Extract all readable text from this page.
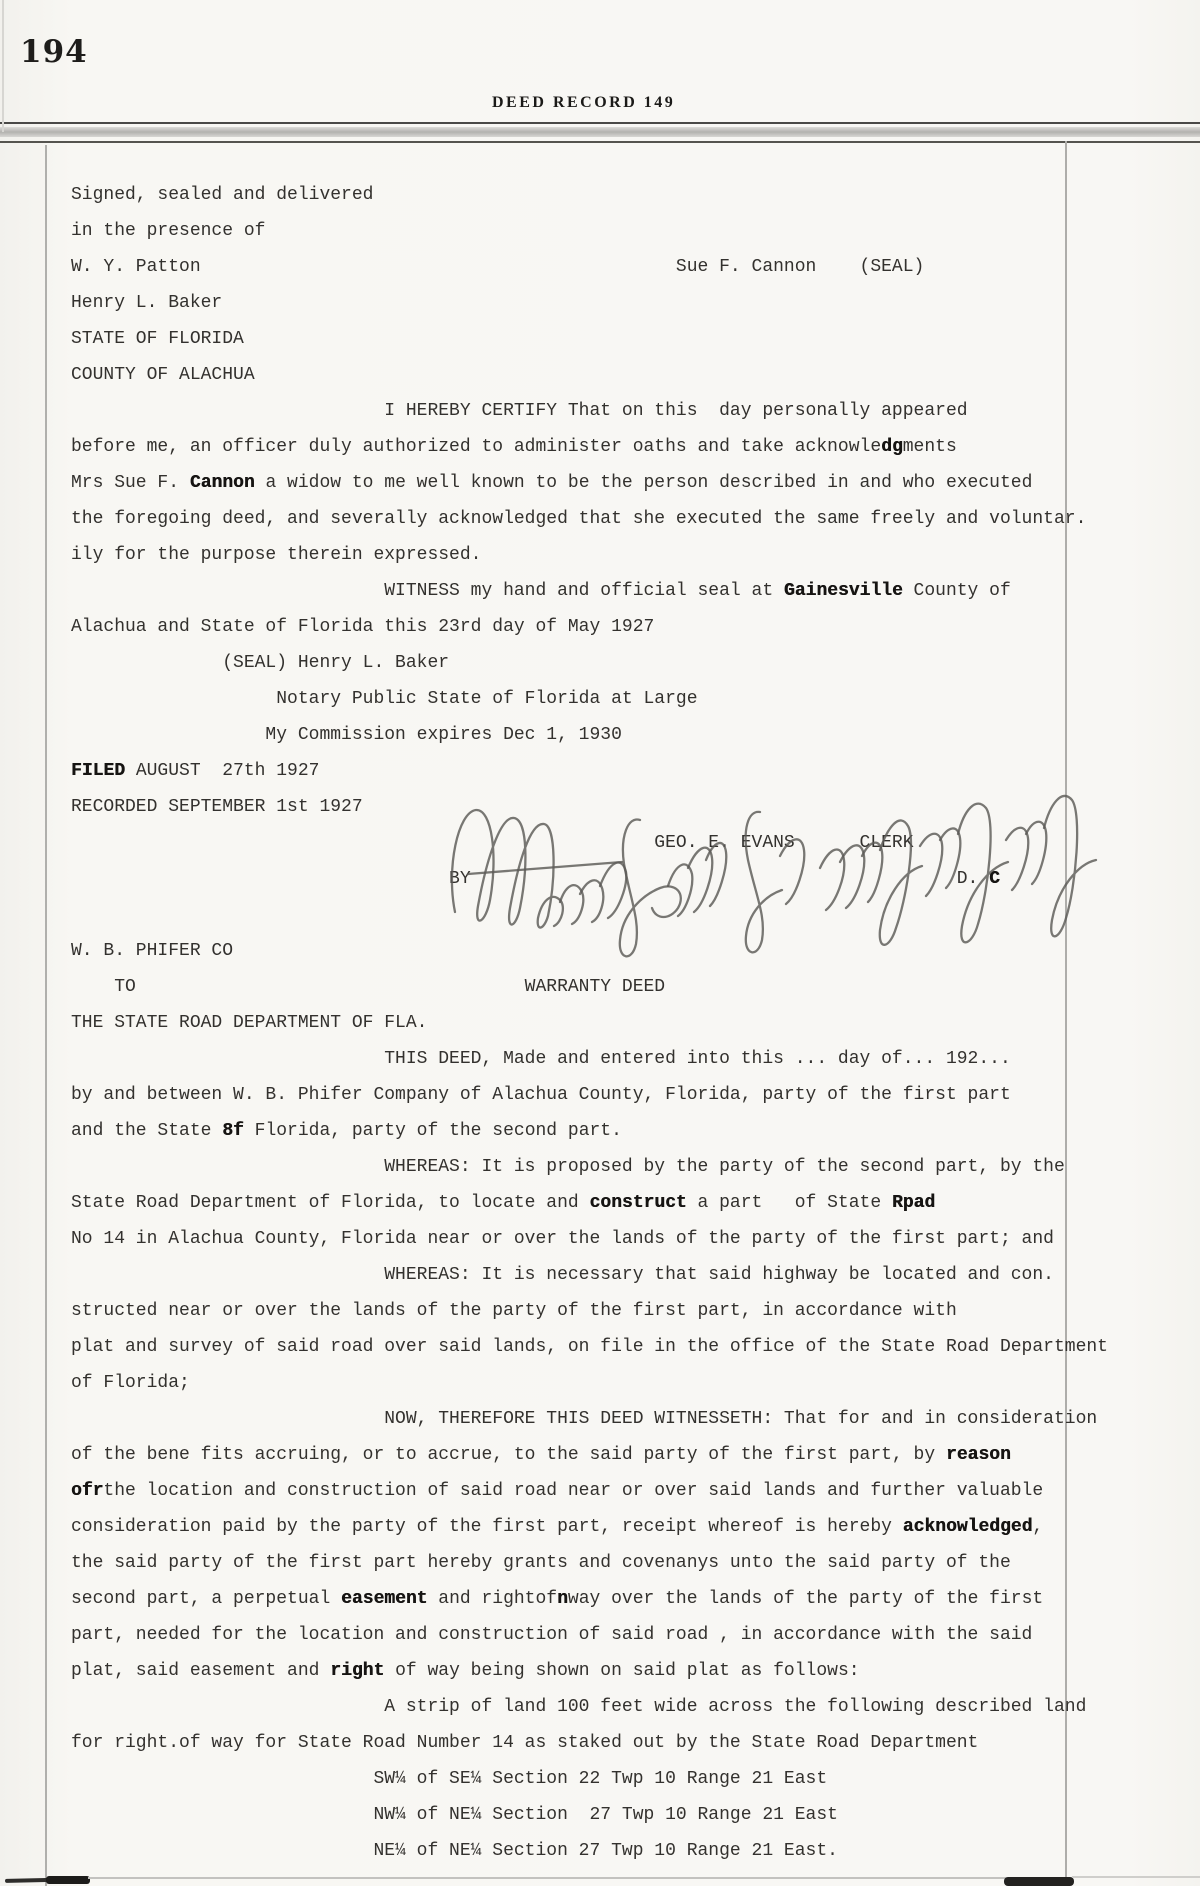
194
DEED RECORD 149
Signed, sealed and delivered
in the presence of
W. Y. Patton                                            Sue F. Cannon    (SEAL)
Henry L. Baker
STATE OF FLORIDA
COUNTY OF ALACHUA
I HEREBY CERTIFY That on this  day personally appeared
before me, an officer duly authorized to administer oaths and take acknowledgments
Mrs Sue F. Cannon a widow to me well known to be the person described in and who executed
the foregoing deed, and severally acknowledged that she executed the same freely and voluntar.
ily for the purpose therein expressed.
WITNESS my hand and official seal at Gainesville County of
Alachua and State of Florida this 23rd day of May 1927
(SEAL) Henry L. Baker
Notary Public State of Florida at Large
My Commission expires Dec 1, 1930
FILED AUGUST  27th 1927
RECORDED SEPTEMBER 1st 1927
GEO. E. EVANS      CLERK
BY                                             D. C
W. B. PHIFER CO
TO                                    WARRANTY DEED
THE STATE ROAD DEPARTMENT OF FLA.
THIS DEED, Made and entered into this ... day of... 192...
by and between W. B. Phifer Company of Alachua County, Florida, party of the first part
and the State 8f Florida, party of the second part.
WHEREAS: It is proposed by the party of the second part, by the
State Road Department of Florida, to locate and construct a part   of State Rpad
No 14 in Alachua County, Florida near or over the lands of the party of the first part; and
WHEREAS: It is necessary that said highway be located and con.
structed near or over the lands of the party of the first part, in accordance with
plat and survey of said road over said lands, on file in the office of the State Road Department
of Florida;
NOW, THEREFORE THIS DEED WITNESSETH: That for and in consideration
of the bene fits accruing, or to accrue, to the said party of the first part, by reason
ofrthe location and construction of said road near or over said lands and further valuable
consideration paid by the party of the first part, receipt whereof is hereby acknowledged,
the said party of the first part hereby grants and covenanys unto the said party of the
second part, a perpetual easement and rightofnway over the lands of the party of the first
part, needed for the location and construction of said road , in accordance with the said
plat, said easement and right of way being shown on said plat as follows:
A strip of land 100 feet wide across the following described land
for right.of way for State Road Number 14 as staked out by the State Road Department
SW¼ of SE¼ Section 22 Twp 10 Range 21 East
NW¼ of NE¼ Section  27 Twp 10 Range 21 East
NE¼ of NE¼ Section 27 Twp 10 Range 21 East.
